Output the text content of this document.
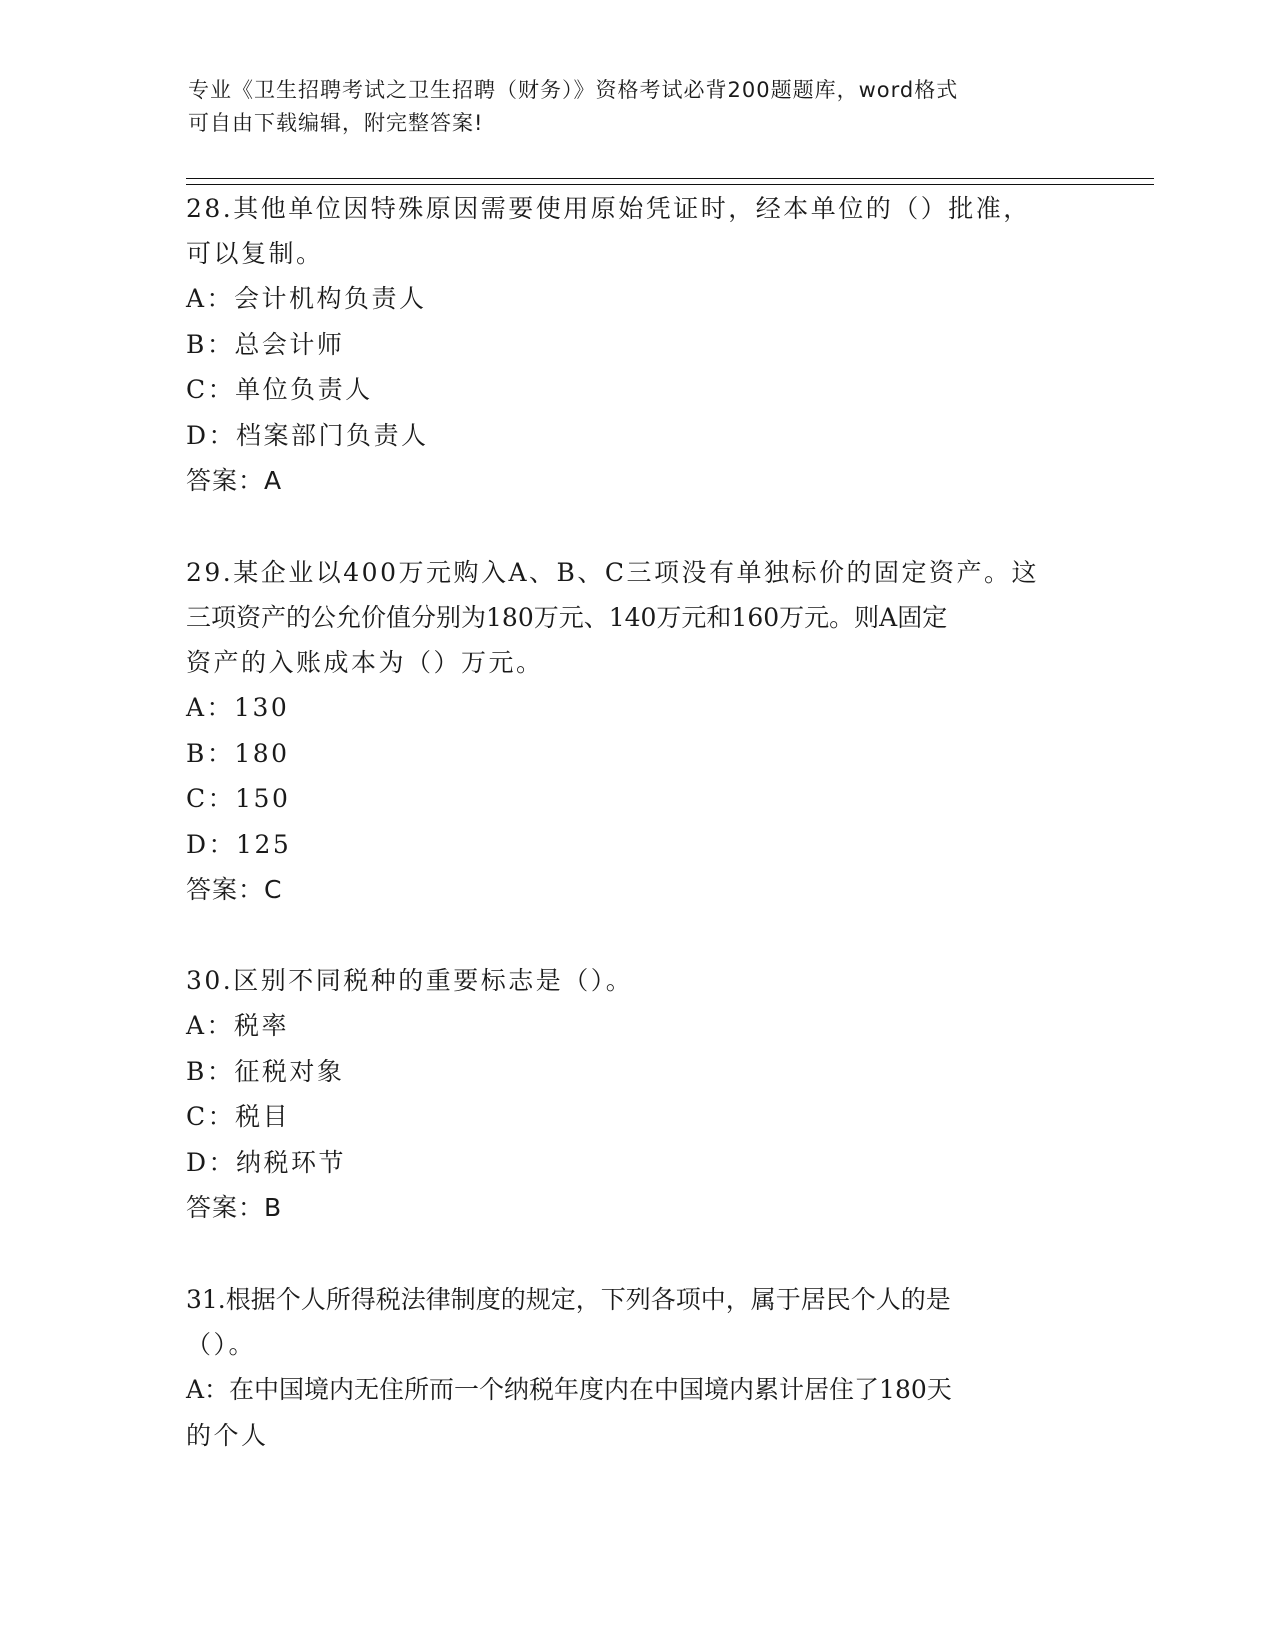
专业《卫生招聘考试之卫生招聘（财务）》资格考试必背200题题库，word格式
可自由下载编辑，附完整答案!
28.其他单位因特殊原因需要使用原始凭证时，经本单位的（）批准，
可以复制。
A：会计机构负责人
B：总会计师
C：单位负责人
D：档案部门负责人
答案：A
29.某企业以400万元购入A、B、C三项没有单独标价的固定资产。这
三项资产的公允价值分别为180万元、140万元和160万元。则A固定
资产的入账成本为（）万元。
A：130
B：180
C：150
D：125
答案：C
30.区别不同税种的重要标志是（）。
A：税率
B：征税对象
C：税目
D：纳税环节
答案：B
31.根据个人所得税法律制度的规定，下列各项中，属于居民个人的是
（）。
A：在中国境内无住所而一个纳税年度内在中国境内累计居住了180天
的个人
